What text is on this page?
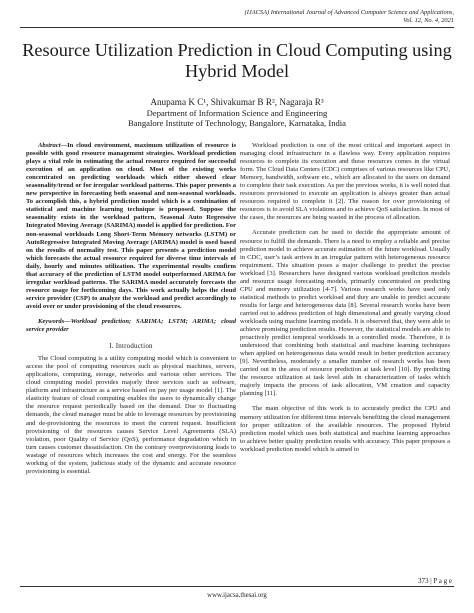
(IJACSA) International Journal of Advanced Computer Science and Applications,
Vol. 12, No. 4, 2021
Resource Utilization Prediction in Cloud Computing using Hybrid Model
Anupama K C¹, Shivakumar B R², Nagaraja R³
Department of Information Science and Engineering
Bangalore Institute of Technology, Bangalore, Karnataka, India

Abstract—In cloud environment, maximum utilization of resource is possible with good resource management strategies. Workload prediction plays a vital role in estimating the actual resource required for successful execution of an application on cloud. Most of the existing works concentrated on predicting workloads which either showed clear seasonality/trend or for irregular workload patterns. This paper presents a new perspective in forecasting both seasonal and non-seasonal workloads. To accomplish this, a hybrid prediction model which is a combination of statistical and machine learning technique is proposed. Suppose the seasonality exists in the workload pattern, Seasonal Auto Regressive Integrated Moving Average (SARIMA) model is applied for prediction. For non-seasonal workloads Long Short-Term Memory networks (LSTM) or AutoRegressive Integrated Moving Average (ARIMA) model is used based on the results of normality test. This paper presents a prediction model which forecasts the actual resource required for diverse time intervals of daily, hourly and minutes utilization. The experimental results confirm that accuracy of the prediction of LSTM model outperformed ARIMA for irregular workload patterns. The SARIMA model accurately forecasts the resource usage for forthcoming days. This work actually helps the cloud service provider (CSP) to analyze the workload and predict accordingly to avoid over or under provisioning of the cloud resources.

Keywords—Workload prediction; SARIMA; LSTM; ARIMA; cloud service provider

I. Introduction

The Cloud computing is a utility computing model which is convenient to access the pool of computing resources such as physical machines, servers, applications, computing, storage, networks and various other services. The cloud computing model provides majorly three services such as software, platform and infrastructure as a service based on pay per usage model [1]. The elasticity feature of cloud computing enables the users to dynamically change the resource request periodically based on the demand. Due to fluctuating demands, the cloud manager must be able to leverage resources by provisioning and de-provisioning the resources to meet the current request. Insufficient provisioning of the resources causes Service Level Agreements (SLA) violation, poor Quality of Service (QoS), performance degradation which in turn causes customer dissatisfaction. On the contrary overprovisioning leads to wastage of resources which increases the cost and energy. For the seamless working of the system, judicious study of the dynamic and accurate resource provisioning is essential.

Workload prediction is one of the most critical and important aspect in managing cloud infrastructure in a flawless way. Every application requires resources to complete its execution and these resources comes in the virtual form. The Cloud Data Centers (CDC) comprises of various resources like CPU, Memory, bandwidth, software etc., which are allocated to the users on demand to complete their task execution. As per the previous works, it is well noted that resources provisioned to execute an application is always greater than actual resources required to complete it [2]. The reason for over provisioning of resources is to avoid SLA violations and to achieve QoS satisfaction. In most of the cases, the resources are being wasted in the process of allocation.

Accurate prediction can be used to decide the appropriate amount of resource to fulfill the demands. There is a need to employ a reliable and precise prediction model to achieve accurate estimation of the future workload. Usually in CDC, user’s task arrives in an irregular pattern with heterogeneous resource requirement. This situation poses a major challenge to predict the precise workload [3]. Researchers have designed various workload prediction models and resource usage forecasting models, primarily concentrated on predicting CPU and memory utilization [4-7]. Various research works have used only statistical methods to predict workload and they are unable to predict accurate results for large and heterogeneous data [8]. Several research works have been carried out to address prediction of high dimensional and greatly varying cloud workloads using machine learning models. It is observed that, they were able to achieve promising prediction results. However, the statistical models are able to proactively predict temporal workloads in a controlled mode. Therefore, it is understood that combining both statistical and machine learning techniques when applied on heterogeneous data would result in better prediction accuracy [9]. Nevertheless, moderately a smaller number of research works has been carried out in the area of resource prediction at task level [10]. By predicting the resource utilization at task level aids in characterization of tasks which majorly impacts the process of task allocation, VM creation and capacity planning [11].

The main objective of this work is to accurately predict the CPU and memory utilization for different time intervals benefiting the cloud management for proper utilization of the available resources. The proposed Hybrid prediction model which uses both statistical and machine learning approaches to achieve better quality prediction results with accuracy. This paper proposes a workload prediction model which is aimed to

373 | P a g e
www.ijacsa.thesai.org
